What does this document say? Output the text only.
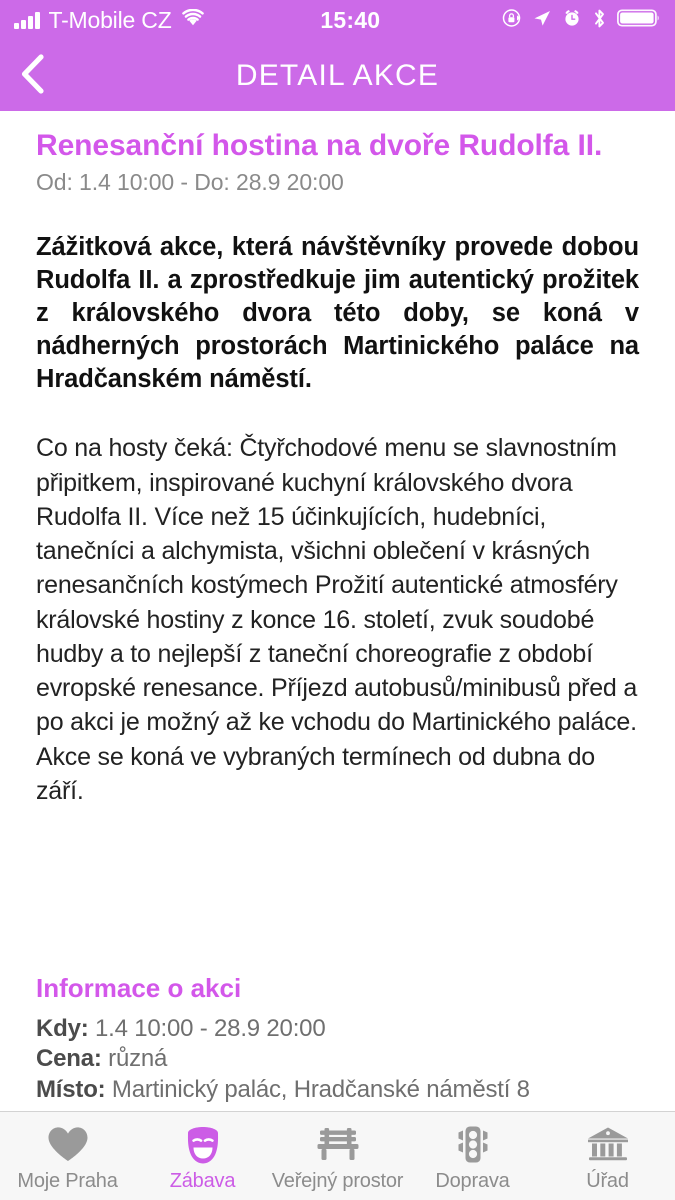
T-Mobile CZ	15:40
DETAIL AKCE
Renesanční hostina na dvoře Rudolfa II.

Od: 1.4 10:00 - Do: 28.9 20:00

Zážitková akce, která návštěvníky provede dobou Rudolfa II. a zprostředkuje jim autentický prožitek z královského dvora této doby, se koná v nádherných prostorách Martinického paláce na Hradčanském náměstí.

Co na hosty čeká: Čtyřchodové menu se slavnostním připitkem, inspirované kuchyní královského dvora Rudolfa II. Více než 15 účinkujících, hudebníci, tanečníci a alchymista, všichni oblečení v krásných renesančních kostýmech Prožití autentické atmosféry královské hostiny z konce 16. století, zvuk soudobé hudby a to nejlepší z taneční choreografie z období evropské renesance. Příjezd autobusů/minibusů před a po akci je možný až ke vchodu do Martinického paláce. Akce se koná ve vybraných termínech od dubna do září.

Informace o akci

Kdy: 1.4 10:00 - 28.9 20:00

Cena: různá

Místo: Martinický palác, Hradčanské náměstí 8

Moje Praha	Zábava Veřejný prostor Doprava	Úřad
